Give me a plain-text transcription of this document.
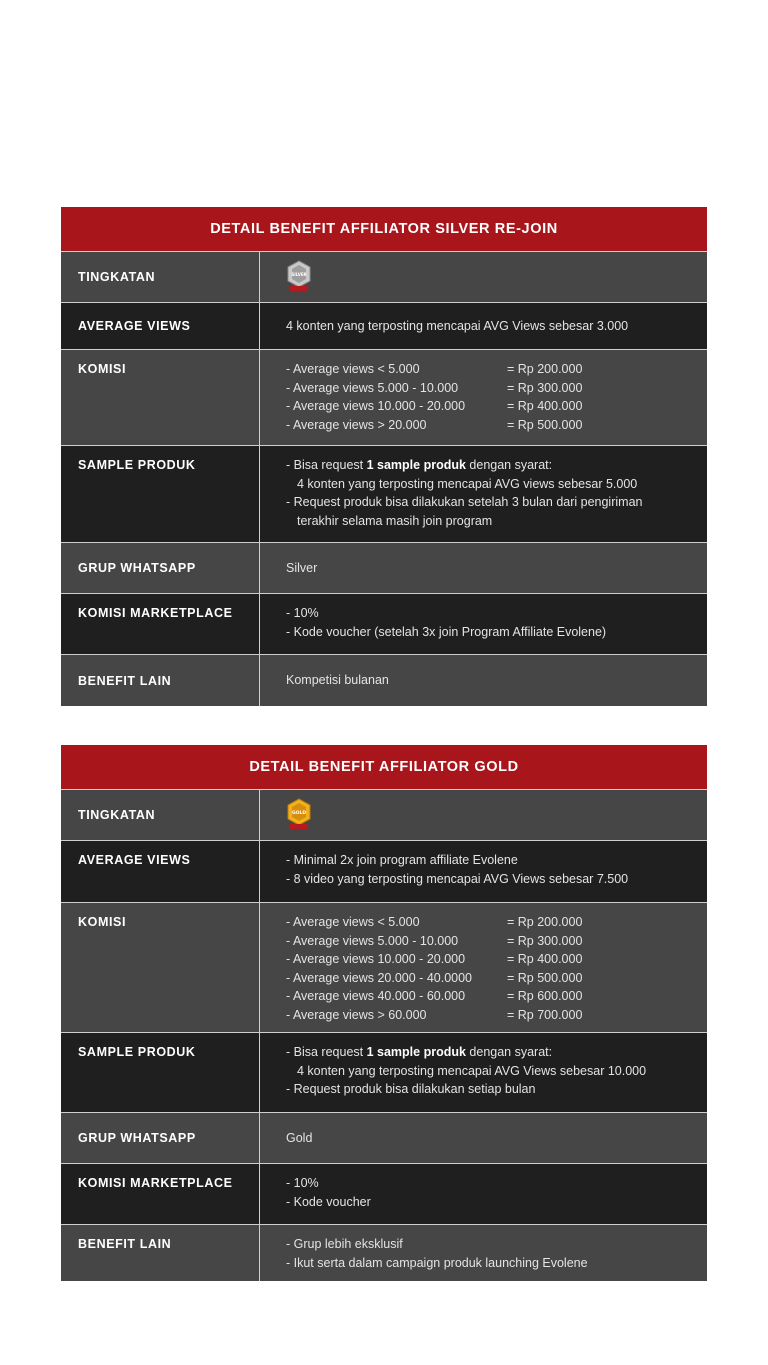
DETAIL BENEFIT AFFILIATOR SILVER RE-JOIN
TINGKATAN	SILVER
AVERAGE VIEWS	4 konten yang terposting mencapai AVG Views sebesar 3.000
KOMISI	- Average views < 5.000	= Rp 200.000
- Average views 5.000 - 10.000	= Rp 300.000
- Average views 10.000 - 20.000	= Rp 400.000
- Average views > 20.000	= Rp 500.000
SAMPLE PRODUK	- Bisa request 1 sample produk dengan syarat:
4 konten yang terposting mencapai AVG views sebesar 5.000
- Request produk bisa dilakukan setelah 3 bulan dari pengiriman
terakhir selama masih join program
GRUP WHATSAPP	Silver
KOMISI MARKETPLACE	- 10%
- Kode voucher (setelah 3x join Program Affiliate Evolene)
BENEFIT LAIN	Kompetisi bulanan
DETAIL BENEFIT AFFILIATOR GOLD
TINGKATAN	GOLD
AVERAGE VIEWS	- Minimal 2x join program affiliate Evolene
- 8 video yang terposting mencapai AVG Views sebesar 7.500
KOMISI	- Average views < 5.000	= Rp 200.000
- Average views 5.000 - 10.000	= Rp 300.000
- Average views 10.000 - 20.000	= Rp 400.000
- Average views 20.000 - 40.0000	= Rp 500.000
- Average views 40.000 - 60.000	= Rp 600.000
- Average views > 60.000	= Rp 700.000
SAMPLE PRODUK	- Bisa request 1 sample produk dengan syarat:
4 konten yang terposting mencapai AVG Views sebesar 10.000
- Request produk bisa dilakukan setiap bulan
GRUP WHATSAPP	Gold
KOMISI MARKETPLACE	- 10%
- Kode voucher
BENEFIT LAIN	- Grup lebih eksklusif
- Ikut serta dalam campaign produk launching Evolene
